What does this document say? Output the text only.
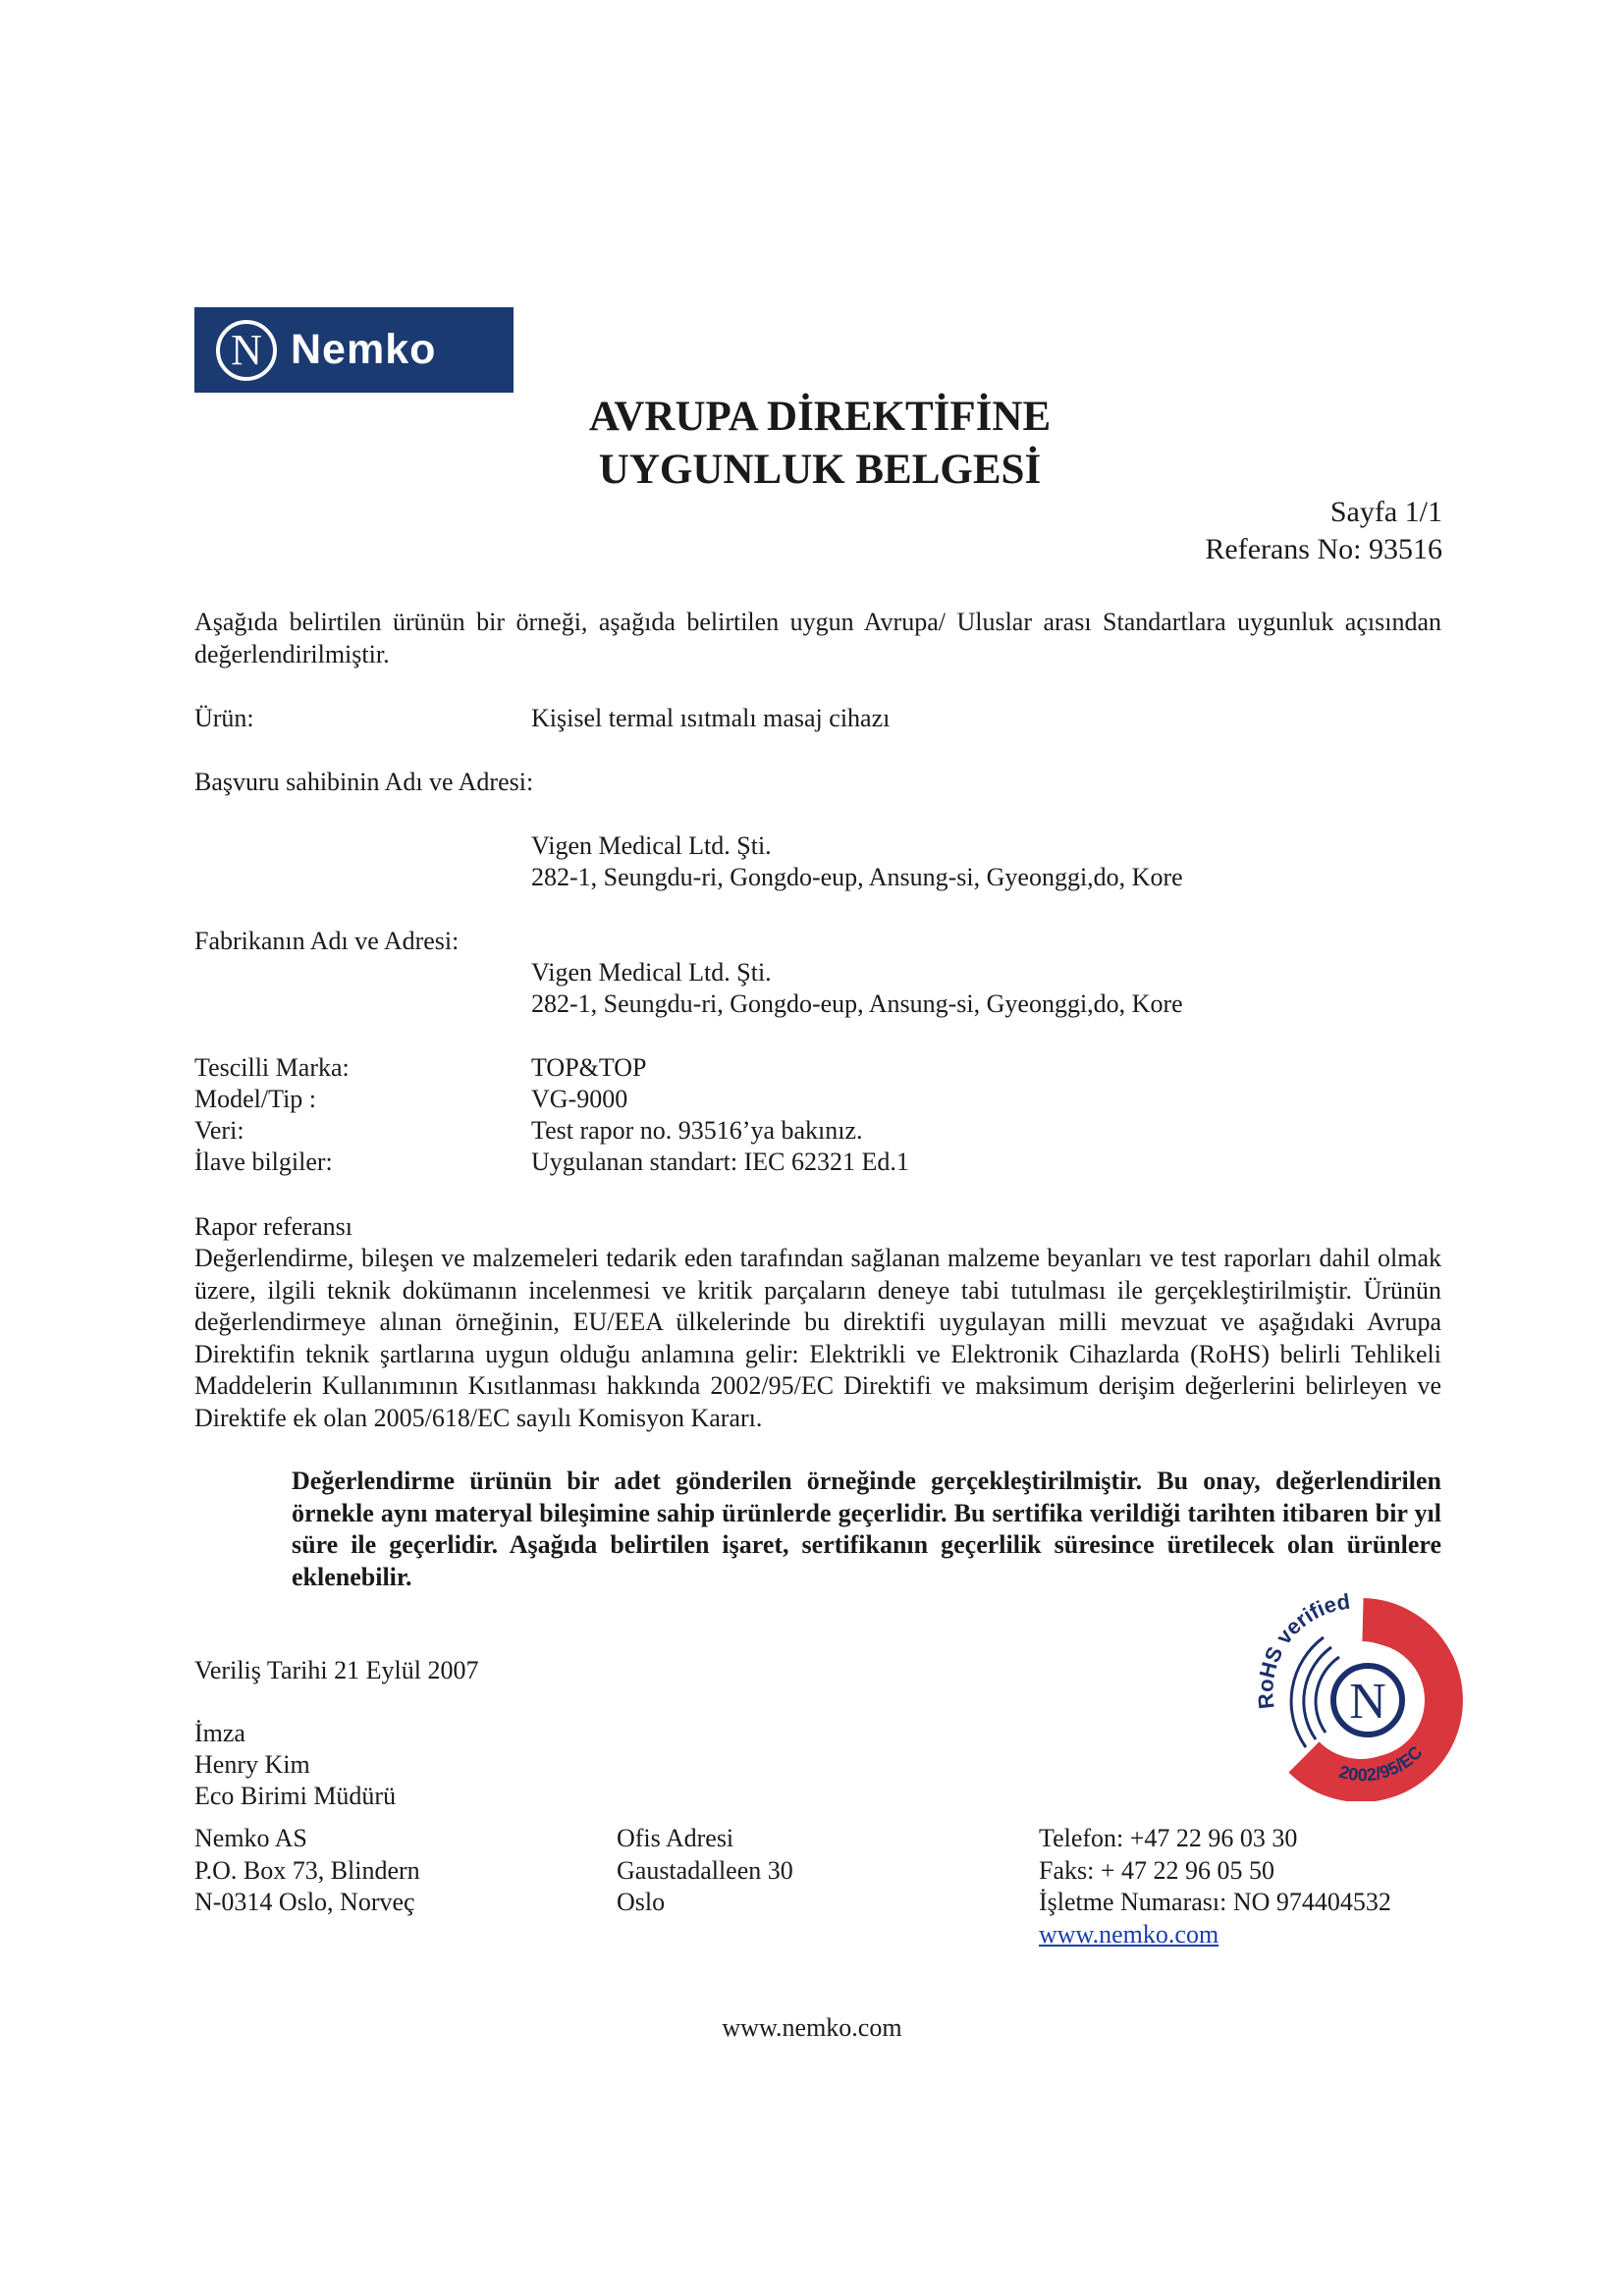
N Nemko
AVRUPA DİREKTİFİNE
UYGUNLUK BELGESİ
Sayfa 1/1
Referans No: 93516
Aşağıda belirtilen ürünün bir örneği, aşağıda belirtilen uygun Avrupa/ Uluslar arası Standartlara uygunluk açısından değerlendirilmiştir.
Ürün:	Kişisel termal ısıtmalı masaj cihazı
Başvuru sahibinin Adı ve Adresi:
Vigen Medical Ltd. Şti.
282-1, Seungdu-ri, Gongdo-eup, Ansung-si, Gyeonggi,do, Kore
Fabrikanın Adı ve Adresi:
Vigen Medical Ltd. Şti.
282-1, Seungdu-ri, Gongdo-eup, Ansung-si, Gyeonggi,do, Kore
Tescilli Marka:	TOP&TOP
Model/Tip :	VG-9000
Veri:	Test rapor no. 93516’ya bakınız.
İlave bilgiler:	Uygulanan standart: IEC 62321 Ed.1
Rapor referansı
Değerlendirme, bileşen ve malzemeleri tedarik eden tarafından sağlanan malzeme beyanları ve test raporları dahil olmak üzere, ilgili teknik dokümanın incelenmesi ve kritik parçaların deneye tabi tutulması ile gerçekleştirilmiştir. Ürünün değerlendirmeye alınan örneğinin, EU/EEA ülkelerinde bu direktifi uygulayan milli mevzuat ve aşağıdaki Avrupa Direktifin teknik şartlarına uygun olduğu anlamına gelir: Elektrikli ve Elektronik Cihazlarda (RoHS) belirli Tehlikeli Maddelerin Kullanımının Kısıtlanması hakkında 2002/95/EC Direktifi ve maksimum derişim değerlerini belirleyen ve Direktife ek olan 2005/618/EC sayılı Komisyon Kararı.
Değerlendirme ürünün bir adet gönderilen örneğinde gerçekleştirilmiştir. Bu onay, değerlendirilen örnekle aynı materyal bileşimine sahip ürünlerde geçerlidir. Bu sertifika verildiği tarihten itibaren bir yıl süre ile geçerlidir. Aşağıda belirtilen işaret, sertifikanın geçerlilik süresince üretilecek olan ürünlere eklenebilir.
Veriliş Tarihi 21 Eylül 2007
İmza
Henry Kim
Eco Birimi Müdürü
N
RoHS verified
2002/95/EC
Nemko AS
P.O. Box 73, Blindern
N-0314 Oslo, Norveç
Ofis Adresi
Gaustadalleen 30
Oslo
Telefon: +47 22 96 03 30
Faks: + 47 22 96 05 50
İşletme Numarası: NO 974404532
www.nemko.com
www.nemko.com
